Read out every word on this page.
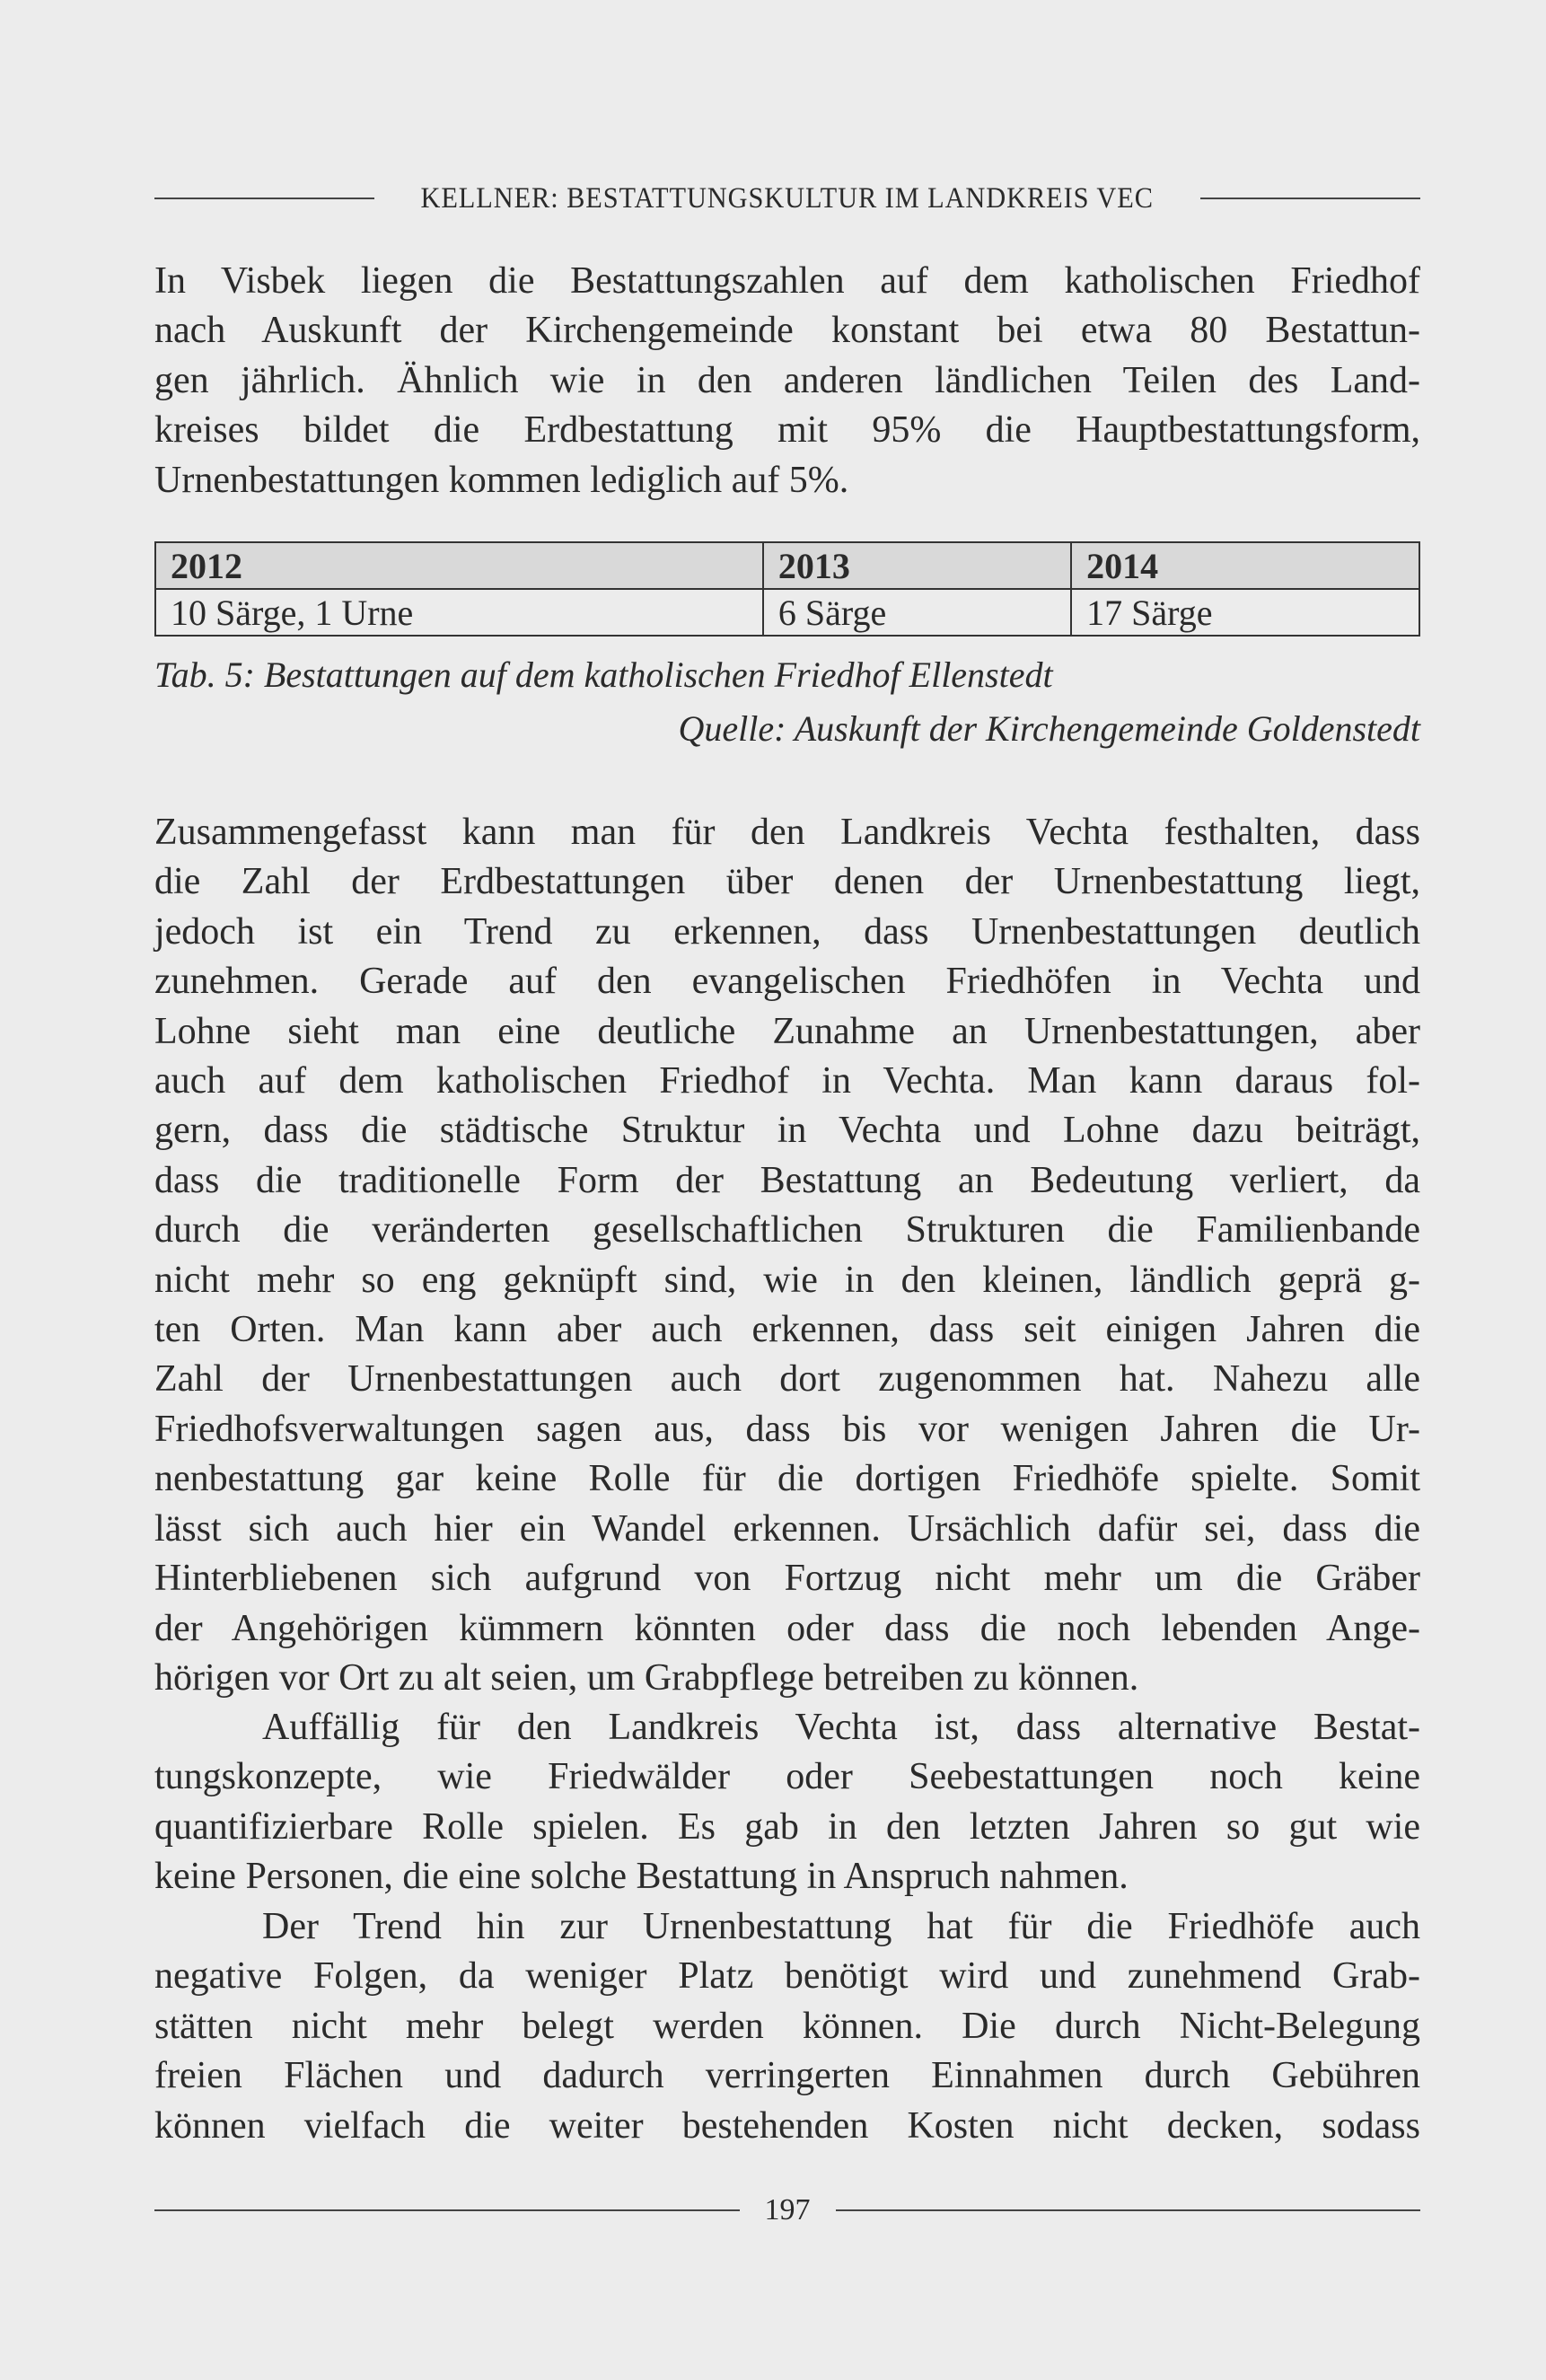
KELLNER: BESTATTUNGSKULTUR IM LANDKREIS VEC
In Visbek liegen die Bestattungszahlen auf dem katholischen Friedhof
nach Auskunft der Kirchengemeinde konstant bei etwa 80 Bestattun-
gen jährlich. Ähnlich wie in den anderen ländlichen Teilen des Land-
kreises bildet die Erdbestattung mit 95% die Hauptbestattungsform,
Urnenbestattungen kommen lediglich auf 5%.
2012	2013	2014
10 Särge, 1 Urne	6 Särge	17 Särge
Tab. 5: Bestattungen auf dem katholischen Friedhof Ellenstedt
Quelle: Auskunft der Kirchengemeinde Goldenstedt
Zusammengefasst kann man für den Landkreis Vechta festhalten, dass
die Zahl der Erdbestattungen über denen der Urnenbestattung liegt,
jedoch ist ein Trend zu erkennen, dass Urnenbestattungen deutlich
zunehmen. Gerade auf den evangelischen Friedhöfen in Vechta und
Lohne sieht man eine deutliche Zunahme an Urnenbestattungen, aber
auch auf dem katholischen Friedhof in Vechta. Man kann daraus fol-
gern, dass die städtische Struktur in Vechta und Lohne dazu beiträgt,
dass die traditionelle Form der Bestattung an Bedeutung verliert, da
durch die veränderten gesellschaftlichen Strukturen die Familienbande
nicht mehr so eng geknüpft sind, wie in den kleinen, ländlich geprä g-
ten Orten. Man kann aber auch erkennen, dass seit einigen Jahren die
Zahl der Urnenbestattungen auch dort zugenommen hat. Nahezu alle
Friedhofsverwaltungen sagen aus, dass bis vor wenigen Jahren die Ur-
nenbestattung gar keine Rolle für die dortigen Friedhöfe spielte. Somit
lässt sich auch hier ein Wandel erkennen. Ursächlich dafür sei, dass die
Hinterbliebenen sich aufgrund von Fortzug nicht mehr um die Gräber
der Angehörigen kümmern könnten oder dass die noch lebenden Ange-
hörigen vor Ort zu alt seien, um Grabpflege betreiben zu können.
Auffällig für den Landkreis Vechta ist, dass alternative Bestat-
tungskonzepte, wie Friedwälder oder Seebestattungen noch keine
quantifizierbare Rolle spielen. Es gab in den letzten Jahren so gut wie
keine Personen, die eine solche Bestattung in Anspruch nahmen.
Der Trend hin zur Urnenbestattung hat für die Friedhöfe auch
negative Folgen, da weniger Platz benötigt wird und zunehmend Grab-
stätten nicht mehr belegt werden können. Die durch Nicht-Belegung
freien Flächen und dadurch verringerten Einnahmen durch Gebühren
können vielfach die weiter bestehenden Kosten nicht decken, sodass
197
